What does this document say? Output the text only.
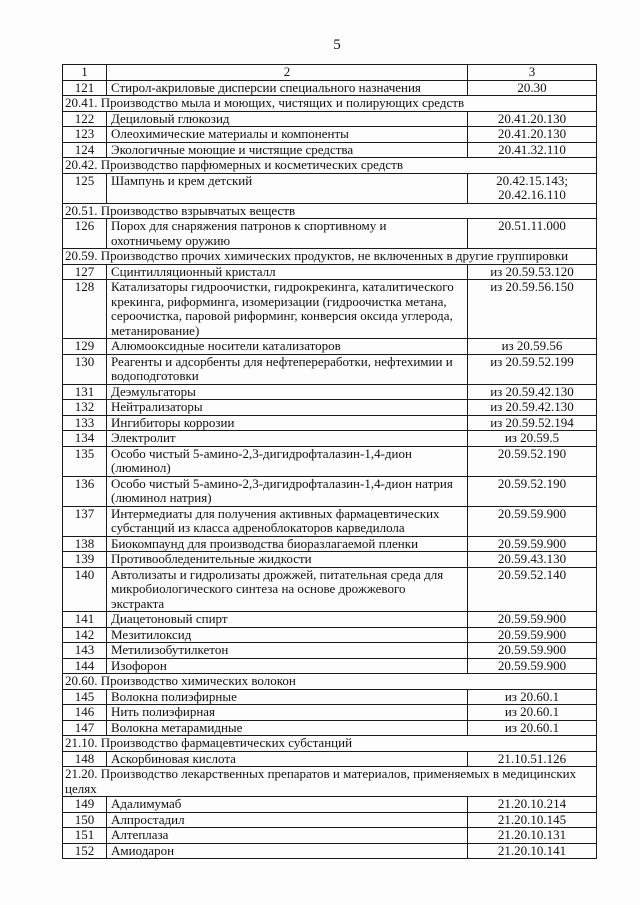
5
1	2	3
121	Стирол-акриловые дисперсии специального назначения	20.30
20.41. Производство мыла и моющих, чистящих и полирующих средств		
122	Дециловый глюкозид	20.41.20.130
123	Олеохимические материалы и компоненты	20.41.20.130
124	Экологичные моющие и чистящие средства	20.41.32.110
20.42. Производство парфюмерных и косметических средств		
125	Шампунь и крем детский	20.42.15.143; 20.42.16.110
20.51. Производство взрывчатых веществ		
126	Порох для снаряжения патронов к спортивному и охотничьему оружию	20.51.11.000
20.59. Производство прочих химических продуктов, не включенных в другие группировки		
127	Сцинтилляционный кристалл	из 20.59.53.120
128	Катализаторы гидроочистки, гидрокрекинга, каталитического крекинга, риформинга, изомеризации (гидроочистка метана, сероочистка, паровой риформинг, конверсия оксида углерода, метанирование)	из 20.59.56.150
129	Алюмооксидные носители катализаторов	из 20.59.56
130	Реагенты и адсорбенты для нефтепереработки, нефтехимии и водоподготовки	из 20.59.52.199
131	Деэмульгаторы	из 20.59.42.130
132	Нейтрализаторы	из 20.59.42.130
133	Ингибиторы коррозии	из 20.59.52.194
134	Электролит	из 20.59.5
135	Особо чистый 5-амино-2,3-дигидрофталазин-1,4-дион (люминол)	20.59.52.190
136	Особо чистый 5-амино-2,3-дигидрофталазин-1,4-дион натрия (люминол натрия)	20.59.52.190
137	Интермедиаты для получения активных фармацевтических субстанций из класса адреноблокаторов карведилола	20.59.59.900
138	Биокомпаунд для производства биоразлагаемой пленки	20.59.59.900
139	Противообледенительные жидкости	20.59.43.130
140	Автолизаты и гидролизаты дрожжей, питательная среда для микробиологического синтеза на основе дрожжевого экстракта	20.59.52.140
141	Диацетоновый спирт	20.59.59.900
142	Мезитилоксид	20.59.59.900
143	Метилизобутилкетон	20.59.59.900
144	Изофорон	20.59.59.900
20.60. Производство химических волокон		
145	Волокна полиэфирные	из 20.60.1
146	Нить полиэфирная	из 20.60.1
147	Волокна метарамидные	из 20.60.1
21.10. Производство фармацевтических субстанций		
148	Аскорбиновая кислота	21.10.51.126
21.20. Производство лекарственных препаратов и материалов, применяемых в медицинских целях		
149	Адалимумаб	21.20.10.214
150	Алпростадил	21.20.10.145
151	Алтеплаза	21.20.10.131
152	Амиодарон	21.20.10.141
